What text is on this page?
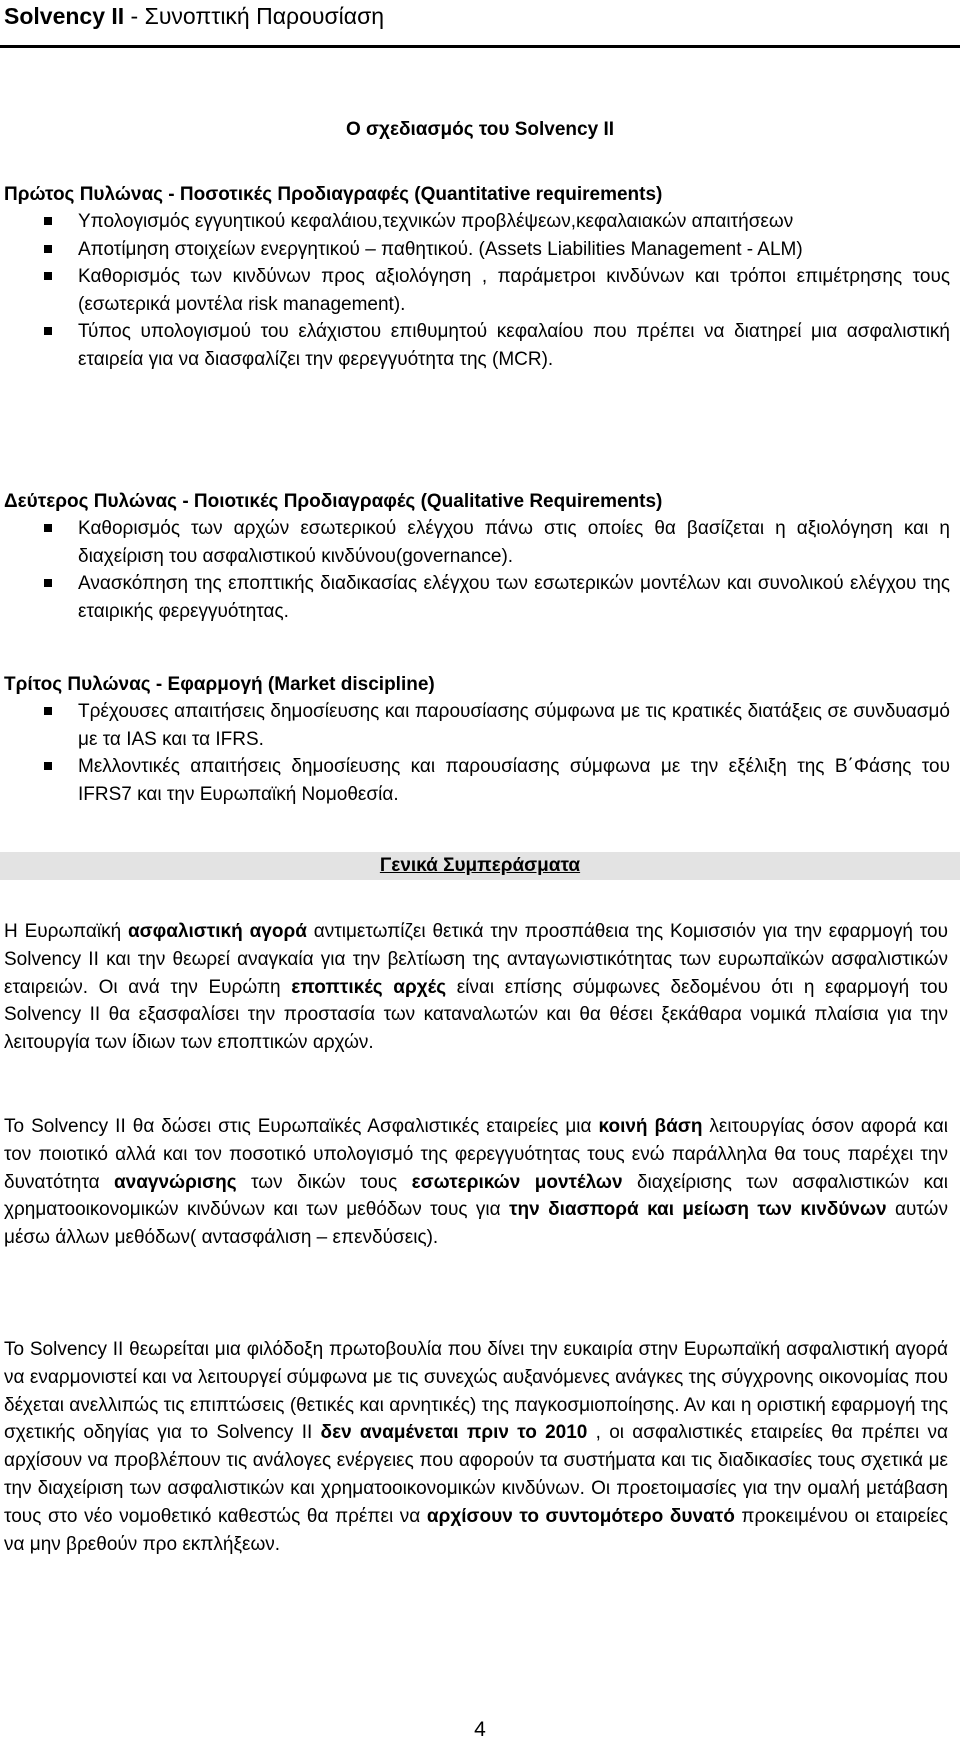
Solvency II - Συνοπτική Παρουσίαση
Ο σχεδιασμός του Solvency II
Πρώτος Πυλώνας - Ποσοτικές Προδιαγραφές (Quantitative requirements)
Υπολογισμός εγγυητικού κεφαλάιου,τεχνικών προβλέψεων,κεφαλαιακών απαιτήσεων
Αποτίμηση στοιχείων ενεργητικού – παθητικού. (Assets Liabilities Management - ALM)
Καθορισμός των κινδύνων προς αξιολόγηση , παράμετροι κινδύνων και τρόποι επιμέτρησης τους (εσωτερικά μοντέλα risk management).
Τύπος υπολογισμού του ελάχιστου επιθυμητού κεφαλαίου που πρέπει να διατηρεί μια ασφαλιστική εταιρεία για να διασφαλίζει την φερεγγυότητα της (MCR).
Δεύτερος Πυλώνας - Ποιοτικές Προδιαγραφές (Qualitative Requirements)
Καθορισμός των αρχών εσωτερικού ελέγχου πάνω στις οποίες θα βασίζεται η αξιολόγηση και η διαχείριση του ασφαλιστικού κινδύνου(governance).
Ανασκόπηση της εποπτικής διαδικασίας ελέγχου των εσωτερικών μοντέλων και συνολικού ελέγχου της εταιρικής φερεγγυότητας.
Τρίτος Πυλώνας - Εφαρμογή (Market discipline)
Τρέχουσες απαιτήσεις δημοσίευσης και παρουσίασης σύμφωνα με τις κρατικές διατάξεις σε συνδυασμό με τα IAS και τα IFRS.
Μελλοντικές απαιτήσεις δημοσίευσης και παρουσίασης σύμφωνα με την εξέλιξη της Β΄Φάσης του IFRS7 και την Ευρωπαϊκή Νομοθεσία.
Γενικά Συμπεράσματα

Η Ευρωπαϊκή ασφαλιστική αγορά αντιμετωπίζει θετικά την προσπάθεια της Κομισσιόν για την εφαρμογή του Solvency II και την θεωρεί αναγκαία για την βελτίωση της ανταγωνιστικότητας των ευρωπαϊκών ασφαλιστικών εταιρειών. Οι ανά την Ευρώπη εποπτικές αρχές είναι επίσης σύμφωνες δεδομένου ότι η εφαρμογή του Solvency II θα εξασφαλίσει την προστασία των καταναλωτών και θα θέσει ξεκάθαρα νομικά πλαίσια για την λειτουργία των ίδιων των εποπτικών αρχών.

Το Solvency II θα δώσει στις Ευρωπαϊκές Ασφαλιστικές εταιρείες μια κοινή βάση λειτουργίας όσον αφορά και τον ποιοτικό αλλά και τον ποσοτικό υπολογισμό της φερεγγυότητας τους ενώ παράλληλα θα τους παρέχει την δυνατότητα αναγνώρισης των δικών τους εσωτερικών μοντέλων διαχείρισης των ασφαλιστικών και χρηματοοικονομικών κινδύνων και των μεθόδων τους για την διασπορά και μείωση των κινδύνων αυτών μέσω άλλων μεθόδων( αντασφάλιση – επενδύσεις).

Το Solvency II θεωρείται μια φιλόδοξη πρωτοβουλία που δίνει την ευκαιρία στην Ευρωπαϊκή ασφαλιστική αγορά να εναρμονιστεί και να λειτουργεί σύμφωνα με τις συνεχώς αυξανόμενες ανάγκες της σύγχρονης οικονομίας που δέχεται ανελλιπώς τις επιπτώσεις (θετικές και αρνητικές) της παγκοσμιοποίησης. Αν και η οριστική εφαρμογή της σχετικής οδηγίας για το Solvency II δεν αναμένεται πριν το 2010 , οι ασφαλιστικές εταιρείες θα πρέπει να αρχίσουν να προβλέπουν τις ανάλογες ενέργειες που αφορούν τα συστήματα και τις διαδικασίες τους σχετικά με την διαχείριση των ασφαλιστικών και χρηματοοικονομικών κινδύνων. Οι προετοιμασίες για την ομαλή μετάβαση τους στο νέο νομοθετικό καθεστώς θα πρέπει να αρχίσουν το συντομότερο δυνατό προκειμένου οι εταιρείες να μην βρεθούν προ εκπλήξεων.

4
